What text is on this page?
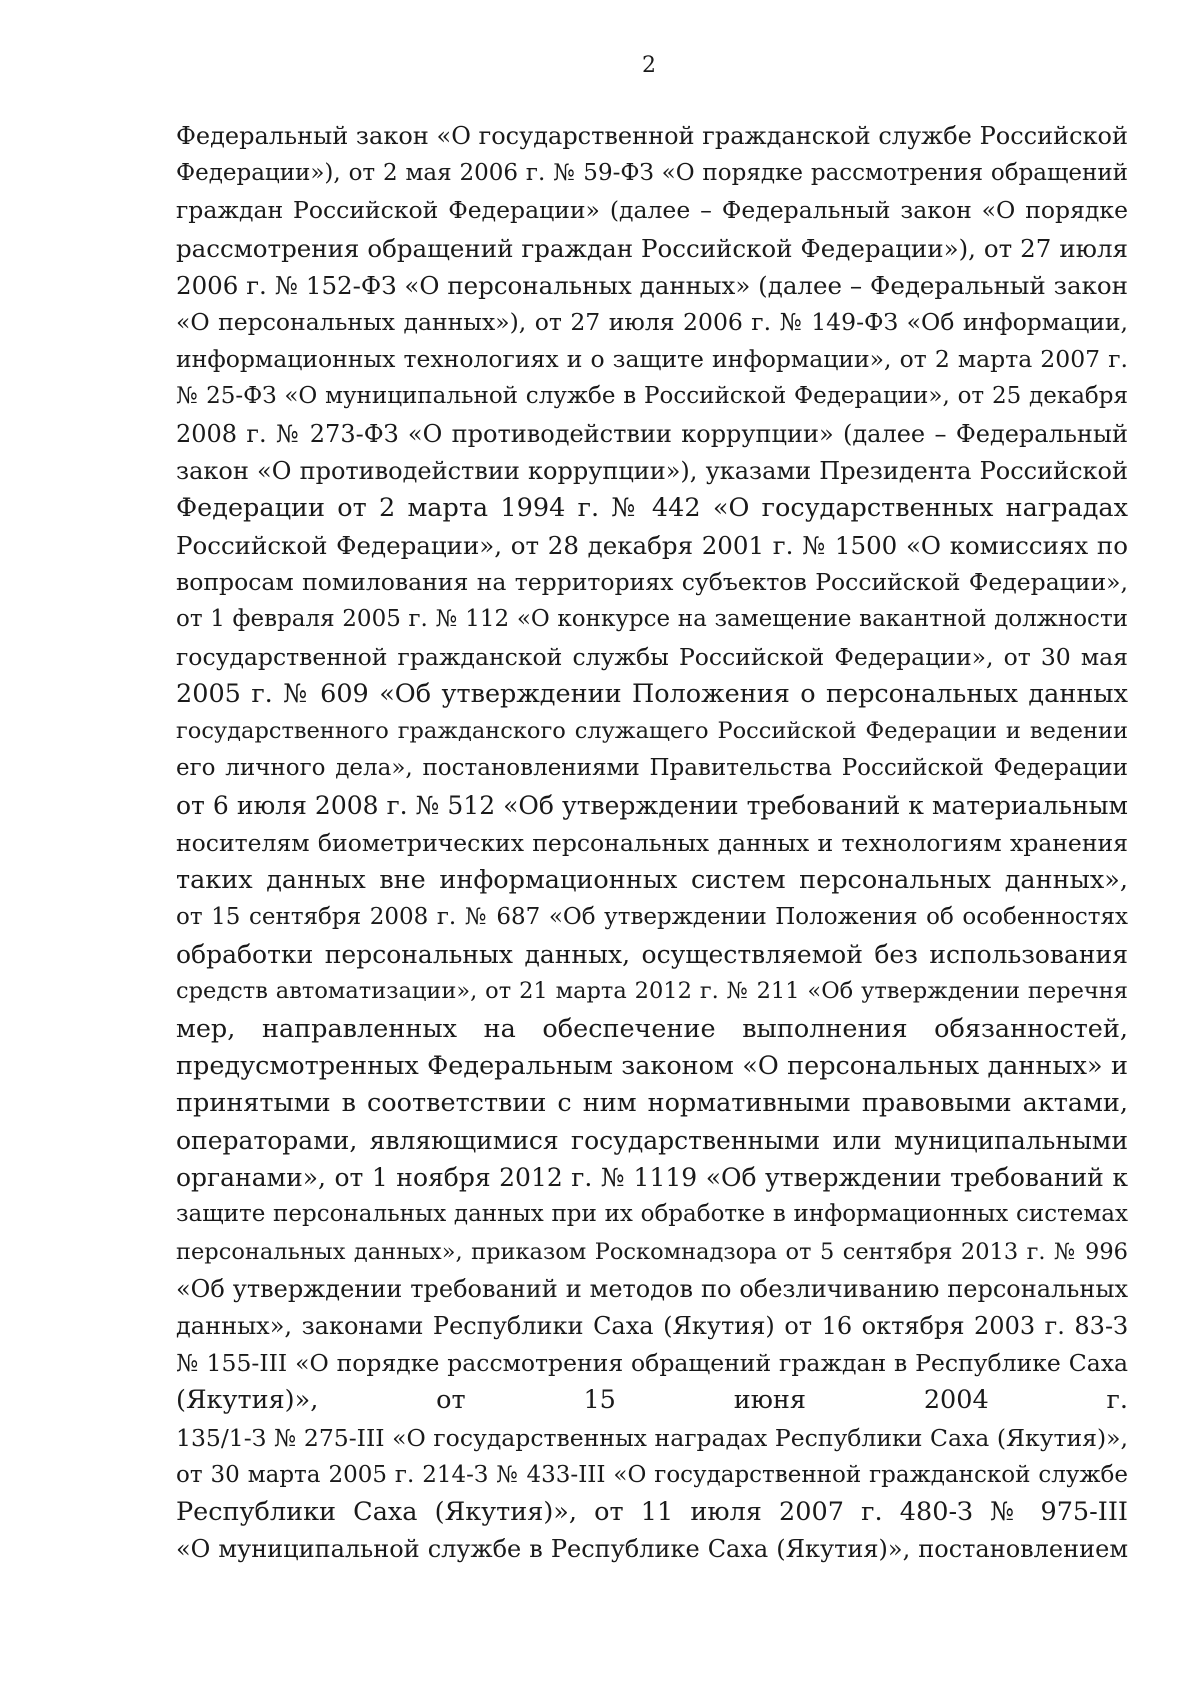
2
Федеральный закон «О государственной гражданской службе Российской
Федерации»), от 2 мая 2006 г. № 59-ФЗ «О порядке рассмотрения обращений
граждан Российской Федерации» (далее – Федеральный закон «О порядке
рассмотрения обращений граждан Российской Федерации»), от 27 июля
2006 г. № 152-ФЗ «О персональных данных» (далее – Федеральный закон
«О персональных данных»), от 27 июля 2006 г. № 149-ФЗ «Об информации,
информационных технологиях и о защите информации», от 2 марта 2007 г.
№ 25-ФЗ «О муниципальной службе в Российской Федерации», от 25 декабря
2008 г. № 273-ФЗ «О противодействии коррупции» (далее – Федеральный
закон «О противодействии коррупции»), указами Президента Российской
Федерации от 2 марта 1994 г. № 442 «О государственных наградах
Российской Федерации», от 28 декабря 2001 г. № 1500 «О комиссиях по
вопросам помилования на территориях субъектов Российской Федерации»,
от 1 февраля 2005 г. № 112 «О конкурсе на замещение вакантной должности
государственной гражданской службы Российской Федерации», от 30 мая
2005 г. № 609 «Об утверждении Положения о персональных данных
государственного гражданского служащего Российской Федерации и ведении
его личного дела», постановлениями Правительства Российской Федерации
от 6 июля 2008 г. № 512 «Об утверждении требований к материальным
носителям биометрических персональных данных и технологиям хранения
таких данных вне информационных систем персональных данных»,
от 15 сентября 2008 г. № 687 «Об утверждении Положения об особенностях
обработки персональных данных, осуществляемой без использования
средств автоматизации», от 21 марта 2012 г. № 211 «Об утверждении перечня
мер, направленных на обеспечение выполнения обязанностей,
предусмотренных Федеральным законом «О персональных данных» и
принятыми в соответствии с ним нормативными правовыми актами,
операторами, являющимися государственными или муниципальными
органами», от 1 ноября 2012 г. № 1119 «Об утверждении требований к
защите персональных данных при их обработке в информационных системах
персональных данных», приказом Роскомнадзора от 5 сентября 2013 г. № 996
«Об утверждении требований и методов по обезличиванию персональных
данных», законами Республики Саха (Якутия) от 16 октября 2003 г. 83-З
№ 155-III «О порядке рассмотрения обращений граждан в Республике Саха
(Якутия)», от 15 июня 2004 г.
135/1-З № 275-III «О государственных наградах Республики Саха (Якутия)»,
от 30 марта 2005 г. 214-З № 433-III «О государственной гражданской службе
Республики Саха (Якутия)», от 11 июля 2007 г. 480-З № 975-III
«О муниципальной службе в Республике Саха (Якутия)», постановлением
